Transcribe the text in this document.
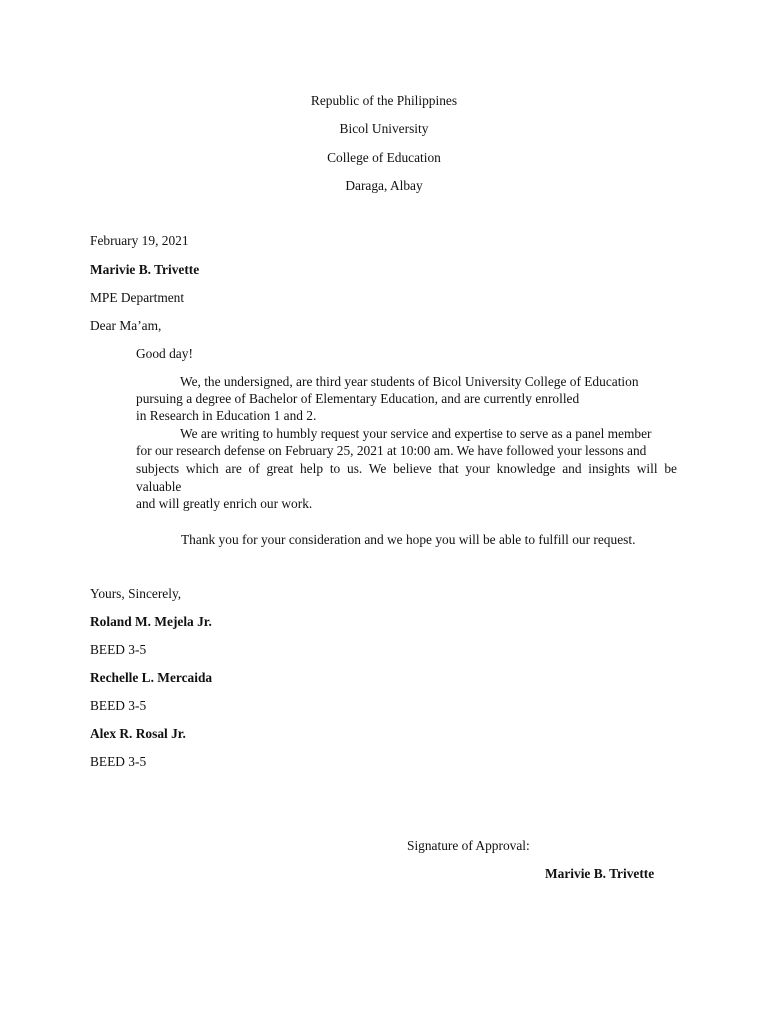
Republic of the Philippines
Bicol University
College of Education
Daraga, Albay
February 19, 2021
Marivie B. Trivette
MPE Department
Dear Ma’am,
Good day!
We, the undersigned, are third year students of Bicol University College of Education
pursuing a degree of Bachelor of Elementary Education, and are currently enrolled
in Research in Education 1 and 2.
We are writing to humbly request your service and expertise to serve as a panel member
for our research defense on February 25, 2021 at 10:00 am. We have followed your lessons and
subjects which are of great help to us. We believe that your knowledge and insights will be
valuable
and will greatly enrich our work.
Thank you for your consideration and we hope you will be able to fulfill our request.
Yours, Sincerely,
Roland M. Mejela Jr.
BEED 3-5
Rechelle L. Mercaida
BEED 3-5
Alex R. Rosal Jr.
BEED 3-5
Signature of Approval:
Marivie B. Trivette
